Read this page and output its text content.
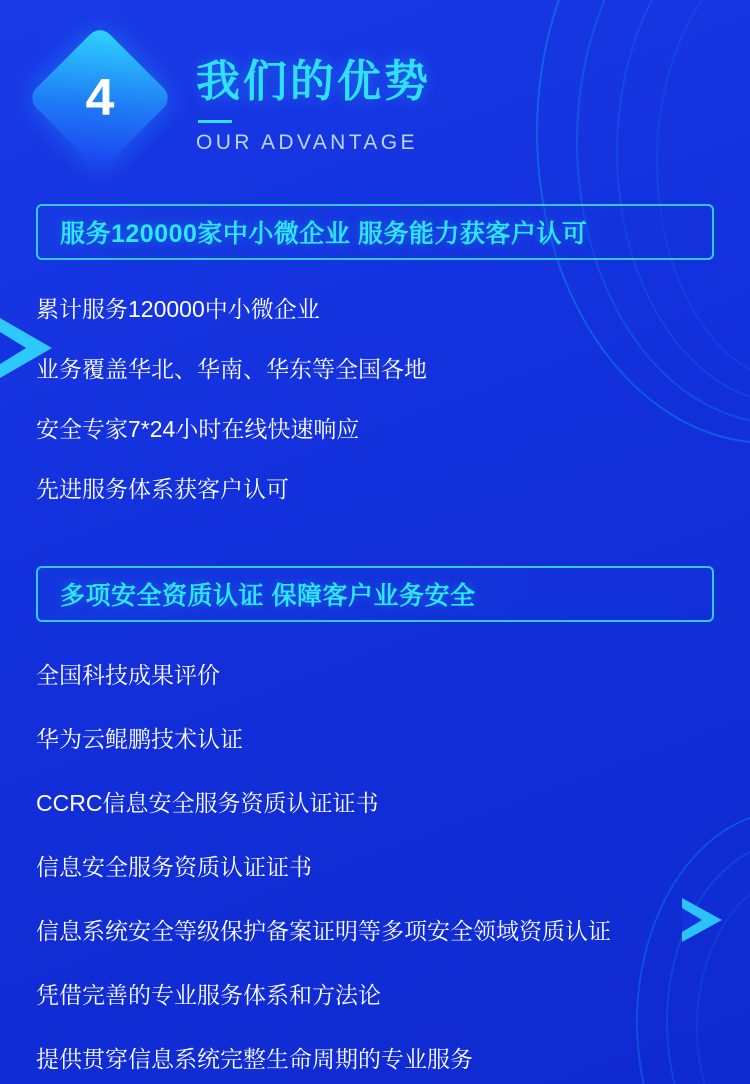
4	我们的优势

OUR ADVANTAGE

服务120000家中小微企业 服务能力获客户认可
累计服务120000中小微企业
业务覆盖华北、华南、华东等全国各地
安全专家7*24小时在线快速响应
先进服务体系获客户认可
多项安全资质认证 保障客户业务安全
全国科技成果评价
华为云鲲鹏技术认证
CCRC信息安全服务资质认证证书
信息安全服务资质认证证书
信息系统安全等级保护备案证明等多项安全领域资质认证
凭借完善的专业服务体系和方法论
提供贯穿信息系统完整生命周期的专业服务
